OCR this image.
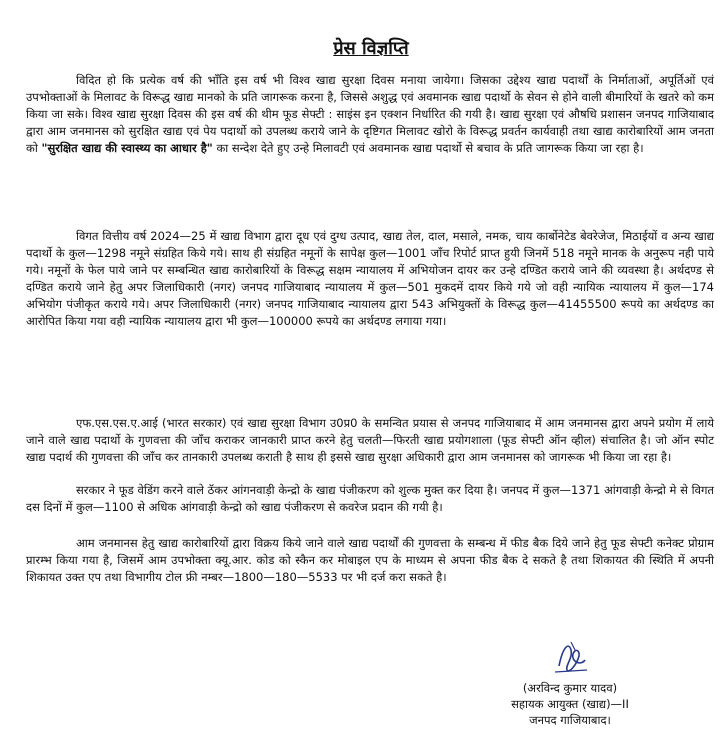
प्रेस विज्ञप्ति

विदित हो कि प्रत्येक वर्ष की भाँति इस वर्ष भी विश्व खाद्य सुरक्षा दिवस मनाया जायेगा। जिसका उद्देश्य खाद्य पदार्थों के निर्माताओं, अपूर्तिओं एवं उपभोक्ताओं के मिलावट के विरूद्ध खाद्य मानको के प्रति जागरूक करना है, जिससे अशुद्ध एवं अवमानक खाद्य पदार्थो के सेवन से होने वाली बीमारियों के खतरे को कम किया जा सके। विश्व खाद्य सुरक्षा दिवस की इस वर्ष की थीम फूड सेफ्टी : साइंस इन एक्शन निर्धारित की गयी है। खाद्य सुरक्षा एवं औषधि प्रशासन जनपद गाजियाबाद द्वारा आम जनमानस को सुरक्षित खाद्य एवं पेय पदार्थो को उपलब्ध कराये जाने के दृष्टिगत मिलावट खोरो के विरूद्ध प्रवर्तन कार्यवाही तथा खाद्य कारोबारियों आम जनता को "सुरक्षित खाद्य की स्वास्थ्य का आधार है" का सन्देश देते हुए उन्हे मिलावटी एवं अवमानक खाद्य पदार्थो से बचाव के प्रति जागरूक किया जा रहा है।

विगत वित्तीय वर्ष 2024—25 में खाद्य विभाग द्वारा दूध एवं दुग्ध उत्पाद, खाद्य तेल, दाल, मसाले, नमक, चाय कार्बोनेटेड बेवरेजेज, मिठाईयों व अन्य खाद्य पदार्थो के कुल—1298 नमूने संग्रहित किये गये। साथ ही संग्रहित नमूनों के सापेक्ष कुल—1001 जाँच रिपोर्ट प्राप्त हुयी जिनमें 518 नमूने मानक के अनुरूप नही पाये गये। नमूनों के फेल पाये जाने पर सम्बन्धित खाद्य कारोबारियों के विरूद्ध सक्षम न्यायालय में अभियोजन दायर कर उन्हे दण्डित कराये जाने की व्यवस्था है। अर्थदण्ड से दण्डित कराये जाने हेतु अपर जिलाधिकारी (नगर) जनपद गाजियाबाद न्यायालय में कुल—501 मुकदमें दायर किये गये जो वही न्यायिक न्यायालय में कुल—174 अभियोग पंजीकृत कराये गये। अपर जिलाधिकारी (नगर) जनपद गाजियाबाद न्यायालय द्वारा 543 अभियुक्तों के विरूद्ध कुल—41455500 रूपये का अर्थदण्ड का आरोपित किया गया वही न्यायिक न्यायालय द्वारा भी कुल—100000 रूपये का अर्थदण्ड लगाया गया।

एफ.एस.एस.ए.आई (भारत सरकार) एवं खाद्य सुरक्षा विभाग उ0प्र0 के समन्वित प्रयास से जनपद गाजियाबाद में आम जनमानस द्वारा अपने प्रयोग में लाये जाने वाले खाद्य पदार्थो के गुणवत्ता की जाँच कराकर जानकारी प्राप्त करने हेतु चलती—फिरती खाद्य प्रयोगशाला (फूड सेफ्टी ऑन व्हील) संचालित है। जो ऑन स्पोट खाद्य पदार्थ की गुणवत्ता की जाँच कर तानकारी उपलब्ध कराती है साथ ही इससे खाद्य सुरक्षा अधिकारी द्वारा आम जनमानस को जागरूक भी किया जा रहा है।

सरकार ने फूड वेडिंग करने वाले ठॅकर आंगनवाड़ी केन्द्रो के खाद्य पंजीकरण को शुल्क मुक्त कर दिया है। जनपद में कुल—1371 आंगवाड़ी केन्द्रो मे से विगत दस दिनों में कुल—1100 से अधिक आंगवाड़ी केन्द्रो को खाद्य पंजीकरण से कवरेज प्रदान की गयी है।

आम जनमानस हेतु खाद्य कारोबारियों द्वारा विक्रय किये जाने वाले खाद्य पदार्थों की गुणवत्ता के सम्बन्ध में फीड बैक दिये जाने हेतु फूड सेफ्टी कनेक्ट प्रोग्राम प्रारम्भ किया गया है, जिसमें आम उपभोक्ता क्यू.आर. कोड को स्कैन कर मोबाइल एप के माध्यम से अपना फीड बैक दे सकते है तथा शिकायत की स्थिति में अपनी शिकायत उक्त एप तथा विभागीय टोल फ्री नम्बर—1800—180—5533 पर भी दर्ज करा सकते है।

(अरविन्द कुमार यादव)

सहायक आयुक्त (खाद्य)—II

जनपद गाजियाबाद।
